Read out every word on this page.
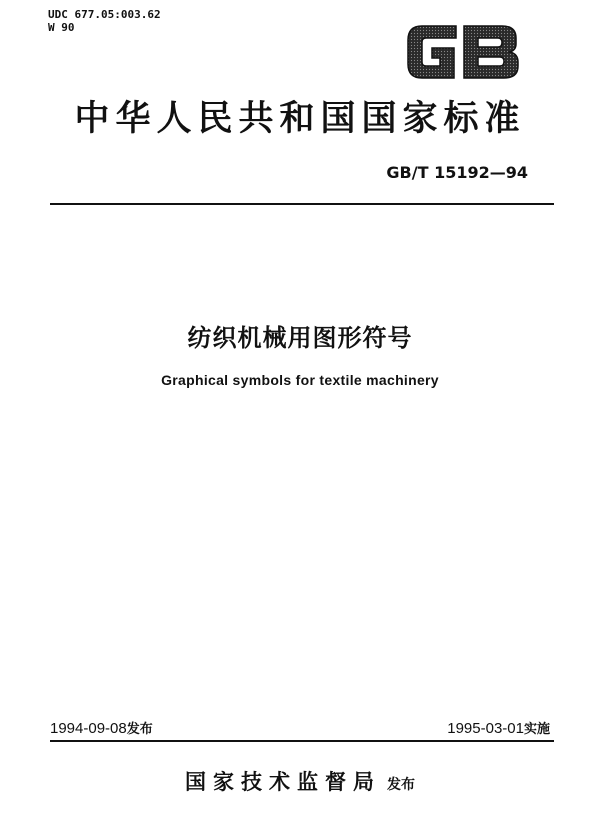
UDC 677.05:003.62
W 90
中华人民共和国国家标准
GB/T 15192—94
纺织机械用图形符号
Graphical symbols for textile machinery
1994-09-08发布	1995-03-01实施
国家技术监督局 发布
